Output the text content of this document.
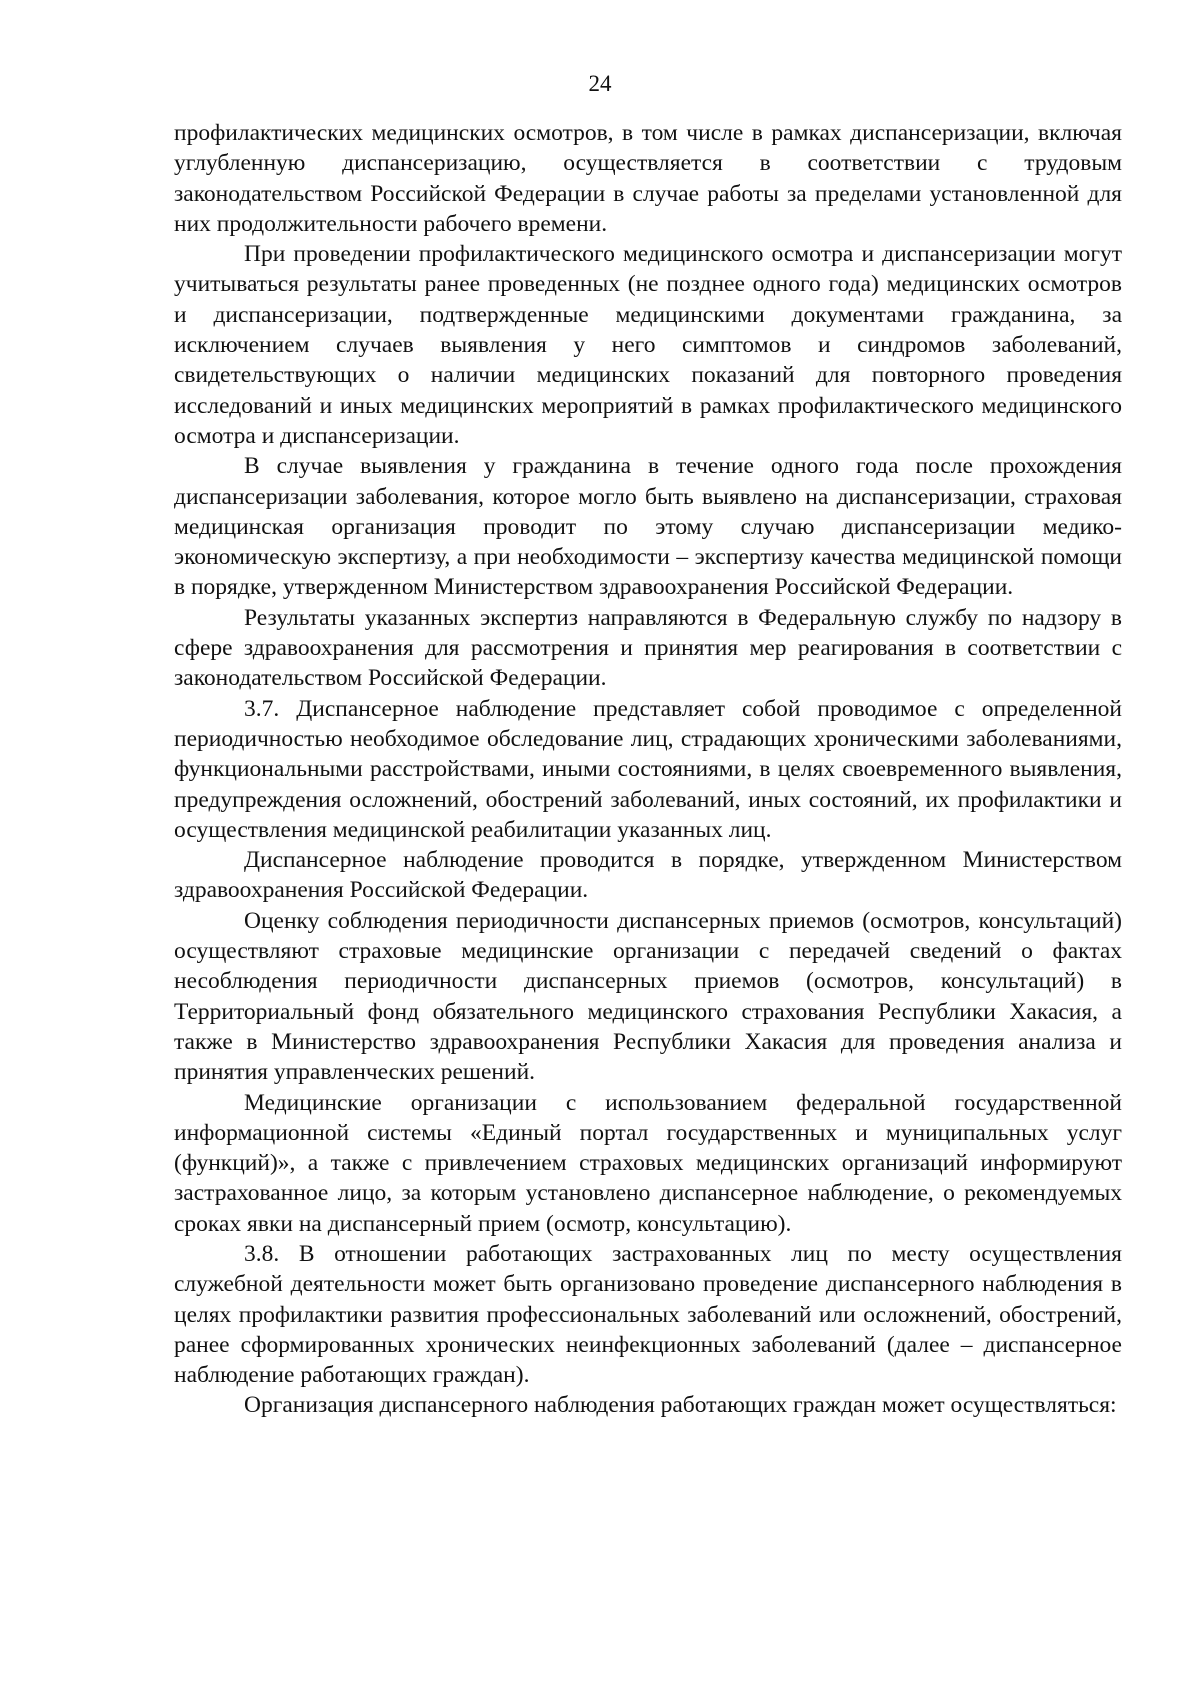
24

профилактических медицинских осмотров, в том числе в рамках диспансеризации, включая углубленную диспансеризацию, осуществляется в соответствии с трудовым законодательством Российской Федерации в случае работы за пределами установленной для них продолжительности рабочего времени.

При проведении профилактического медицинского осмотра и диспансеризации могут учитываться результаты ранее проведенных (не позднее одного года) медицинских осмотров и диспансеризации, подтвержденные медицинскими документами гражданина, за исключением случаев выявления у него симптомов и синдромов заболеваний, свидетельствующих о наличии медицинских показаний для повторного проведения исследований и иных медицинских мероприятий в рамках профилактического медицинского осмотра и диспансеризации.

В случае выявления у гражданина в течение одного года после прохождения диспансеризации заболевания, которое могло быть выявлено на диспансеризации, страховая медицинская организация проводит по этому случаю диспансеризации медико-экономическую экспертизу, а при необходимости – экспертизу качества медицинской помощи в порядке, утвержденном Министерством здравоохранения Российской Федерации.

Результаты указанных экспертиз направляются в Федеральную службу по надзору в сфере здравоохранения для рассмотрения и принятия мер реагирования в соответствии с законодательством Российской Федерации.

3.7. Диспансерное наблюдение представляет собой проводимое с определенной периодичностью необходимое обследование лиц, страдающих хроническими заболеваниями, функциональными расстройствами, иными состояниями, в целях своевременного выявления, предупреждения осложнений, обострений заболеваний, иных состояний, их профилактики и осуществления медицинской реабилитации указанных лиц.

Диспансерное наблюдение проводится в порядке, утвержденном Министерством здравоохранения Российской Федерации.

Оценку соблюдения периодичности диспансерных приемов (осмотров, консультаций) осуществляют страховые медицинские организации с передачей сведений о фактах несоблюдения периодичности диспансерных приемов (осмотров, консультаций) в Территориальный фонд обязательного медицинского страхования Республики Хакасия, а также в Министерство здравоохранения Республики Хакасия для проведения анализа и принятия управленческих решений.

Медицинские организации с использованием федеральной государственной информационной системы «Единый портал государственных и муниципальных услуг (функций)», а также с привлечением страховых медицинских организаций информируют застрахованное лицо, за которым установлено диспансерное наблюдение, о рекомендуемых сроках явки на диспансерный прием (осмотр, консультацию).

3.8. В отношении работающих застрахованных лиц по месту осуществления служебной деятельности может быть организовано проведение диспансерного наблюдения в целях профилактики развития профессиональных заболеваний или осложнений, обострений, ранее сформированных хронических неинфекционных заболеваний (далее – диспансерное наблюдение работающих граждан).

Организация диспансерного наблюдения работающих граждан может осуществляться:
